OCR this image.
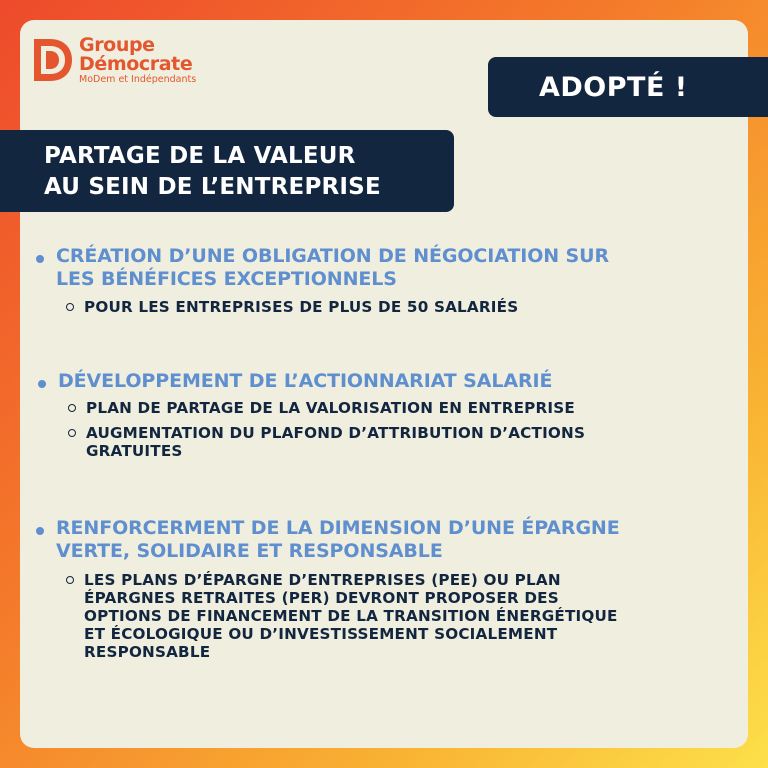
Groupe
Démocrate
MoDem et Indépendants	ADOPTÉ !
PARTAGE DE LA VALEUR
AU SEIN DE L’ENTREPRISE
CRÉATION D’UNE OBLIGATION DE NÉGOCIATION SUR
LES BÉNÉFICES EXCEPTIONNELS
POUR LES ENTREPRISES DE PLUS DE 50 SALARIÉS
DÉVELOPPEMENT DE L’ACTIONNARIAT SALARIÉ
PLAN DE PARTAGE DE LA VALORISATION EN ENTREPRISE
AUGMENTATION DU PLAFOND D’ATTRIBUTION D’ACTIONS
GRATUITES
RENFORCERMENT DE LA DIMENSION D’UNE ÉPARGNE
VERTE, SOLIDAIRE ET RESPONSABLE
LES PLANS D’ÉPARGNE D’ENTREPRISES (PEE) OU PLAN
ÉPARGNES RETRAITES (PER) DEVRONT PROPOSER DES
OPTIONS DE FINANCEMENT DE LA TRANSITION ÉNERGÉTIQUE
ET ÉCOLOGIQUE OU D’INVESTISSEMENT SOCIALEMENT
RESPONSABLE
